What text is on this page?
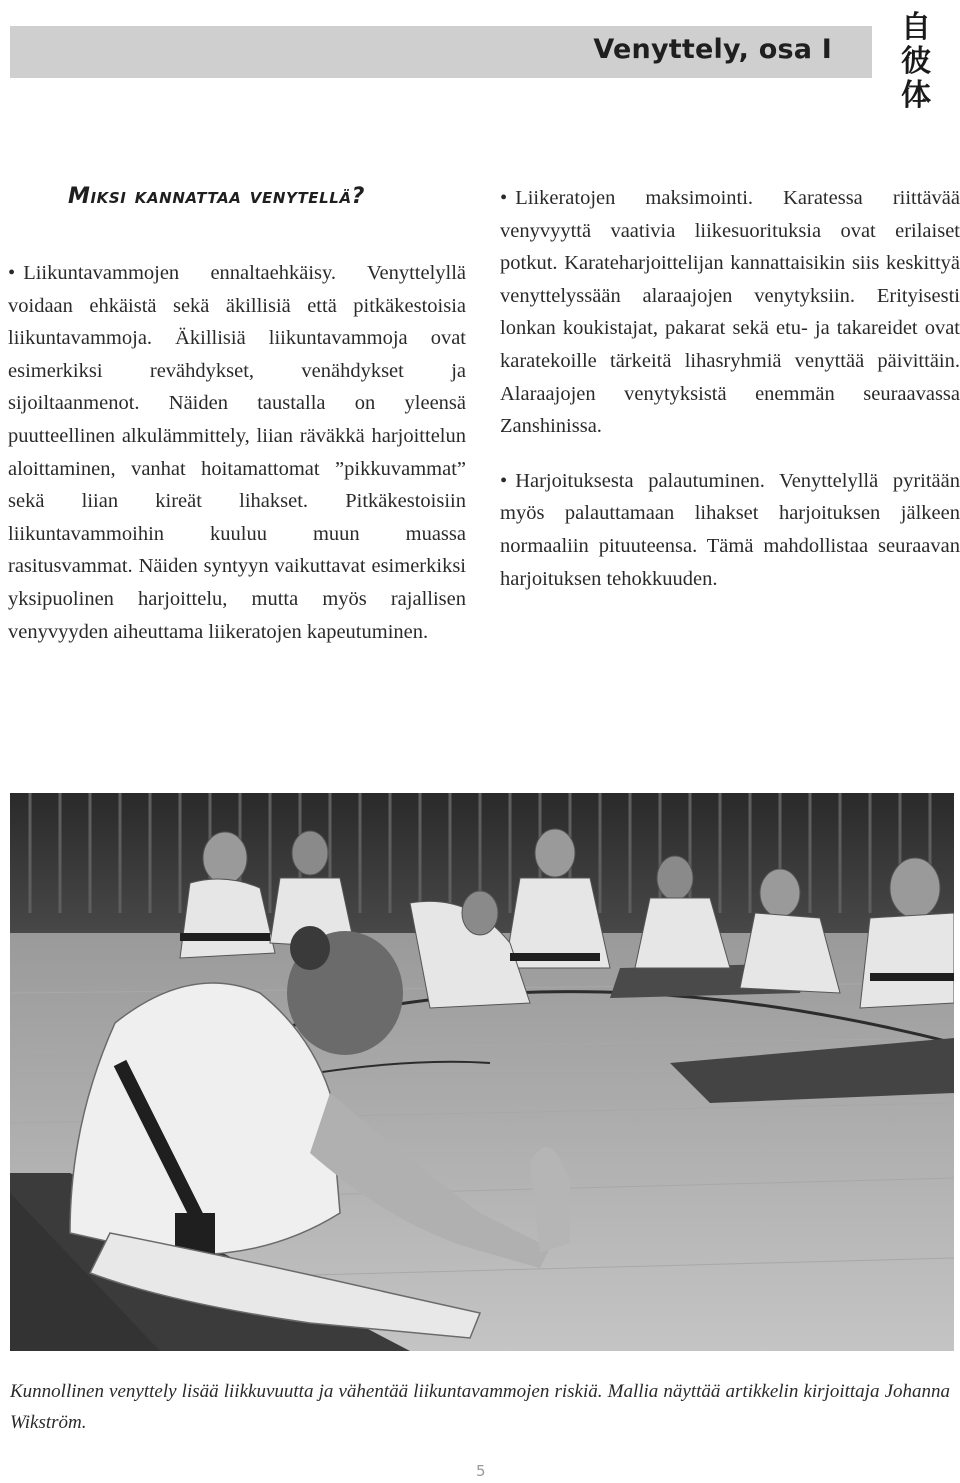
Venyttely, osa I
自
彼
体
Miksi kannattaa venytellä?

• Liikuntavammojen ennaltaehkäisy. Venyttelyllä voidaan ehkäistä sekä äkillisiä että pitkäkestoisia liikuntavammoja. Äkillisiä liikuntavammoja ovat esimerkiksi revähdykset, venähdykset ja sijoiltaanmenot. Näiden taustalla on yleensä puutteellinen alkulämmittely, liian räväkkä harjoittelun aloittaminen, vanhat hoitamattomat ”pikkuvammat” sekä liian kireät lihakset. Pitkäkestoisiin liikuntavammoihin kuuluu muun muassa rasitusvammat. Näiden syntyyn vaikuttavat esimerkiksi yksipuolinen harjoittelu, mutta myös rajallisen venyvyyden aiheuttama liikeratojen kapeutuminen.

• Liikeratojen maksimointi. Karatessa riittävää venyvyyttä vaativia liikesuorituksia ovat erilaiset potkut. Karateharjoittelijan kannattaisikin siis keskittyä venyttelyssään alaraajojen venytyksiin. Erityisesti lonkan koukistajat, pakarat sekä etu- ja takareidet ovat karatekoille tärkeitä lihasryhmiä venyttää päivittäin. Alaraajojen venytyksistä enemmän seuraavassa Zanshinissa.

• Harjoituksesta palautuminen. Venyttelyllä pyritään myös palauttamaan lihakset harjoituksen jälkeen normaaliin pituuteensa. Tämä mahdollistaa seuraavan harjoituksen tehokkuuden.

Kunnollinen venyttely lisää liikkuvuutta ja vähentää liikuntavammojen riskiä. Mallia näyttää artikkelin kirjoittaja Johanna Wikström.
5
